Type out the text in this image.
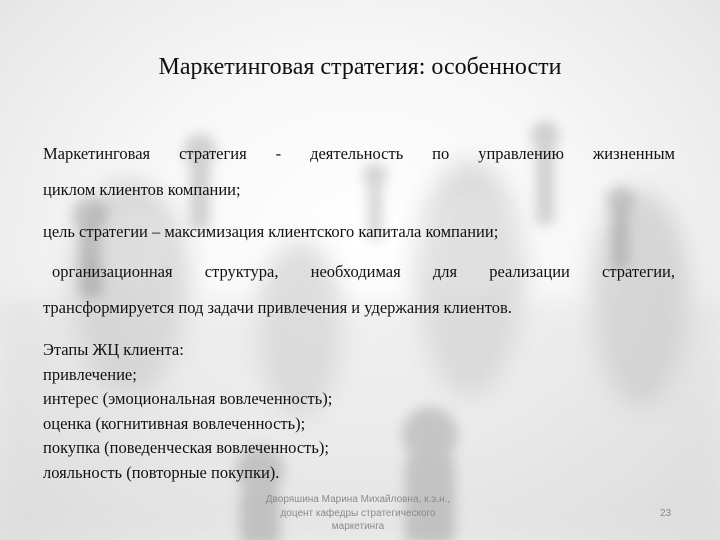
Маркетинговая стратегия: особенности
Маркетинговая стратегия - деятельность по управлению жизненным
циклом клиентов компании;
цель стратегии – максимизация клиентского капитала компании;
организационная структура, необходимая для реализации стратегии,
трансформируется под задачи привлечения и удержания клиентов.
Этапы ЖЦ клиента:
привлечение;
интерес (эмоциональная вовлеченность);
оценка (когнитивная вовлеченность);
покупка (поведенческая вовлеченность);
лояльность (повторные покупки).
Дворяшина Марина Михайловна, к.э.н.,
доцент кафедры стратегического
маркетинга
23
